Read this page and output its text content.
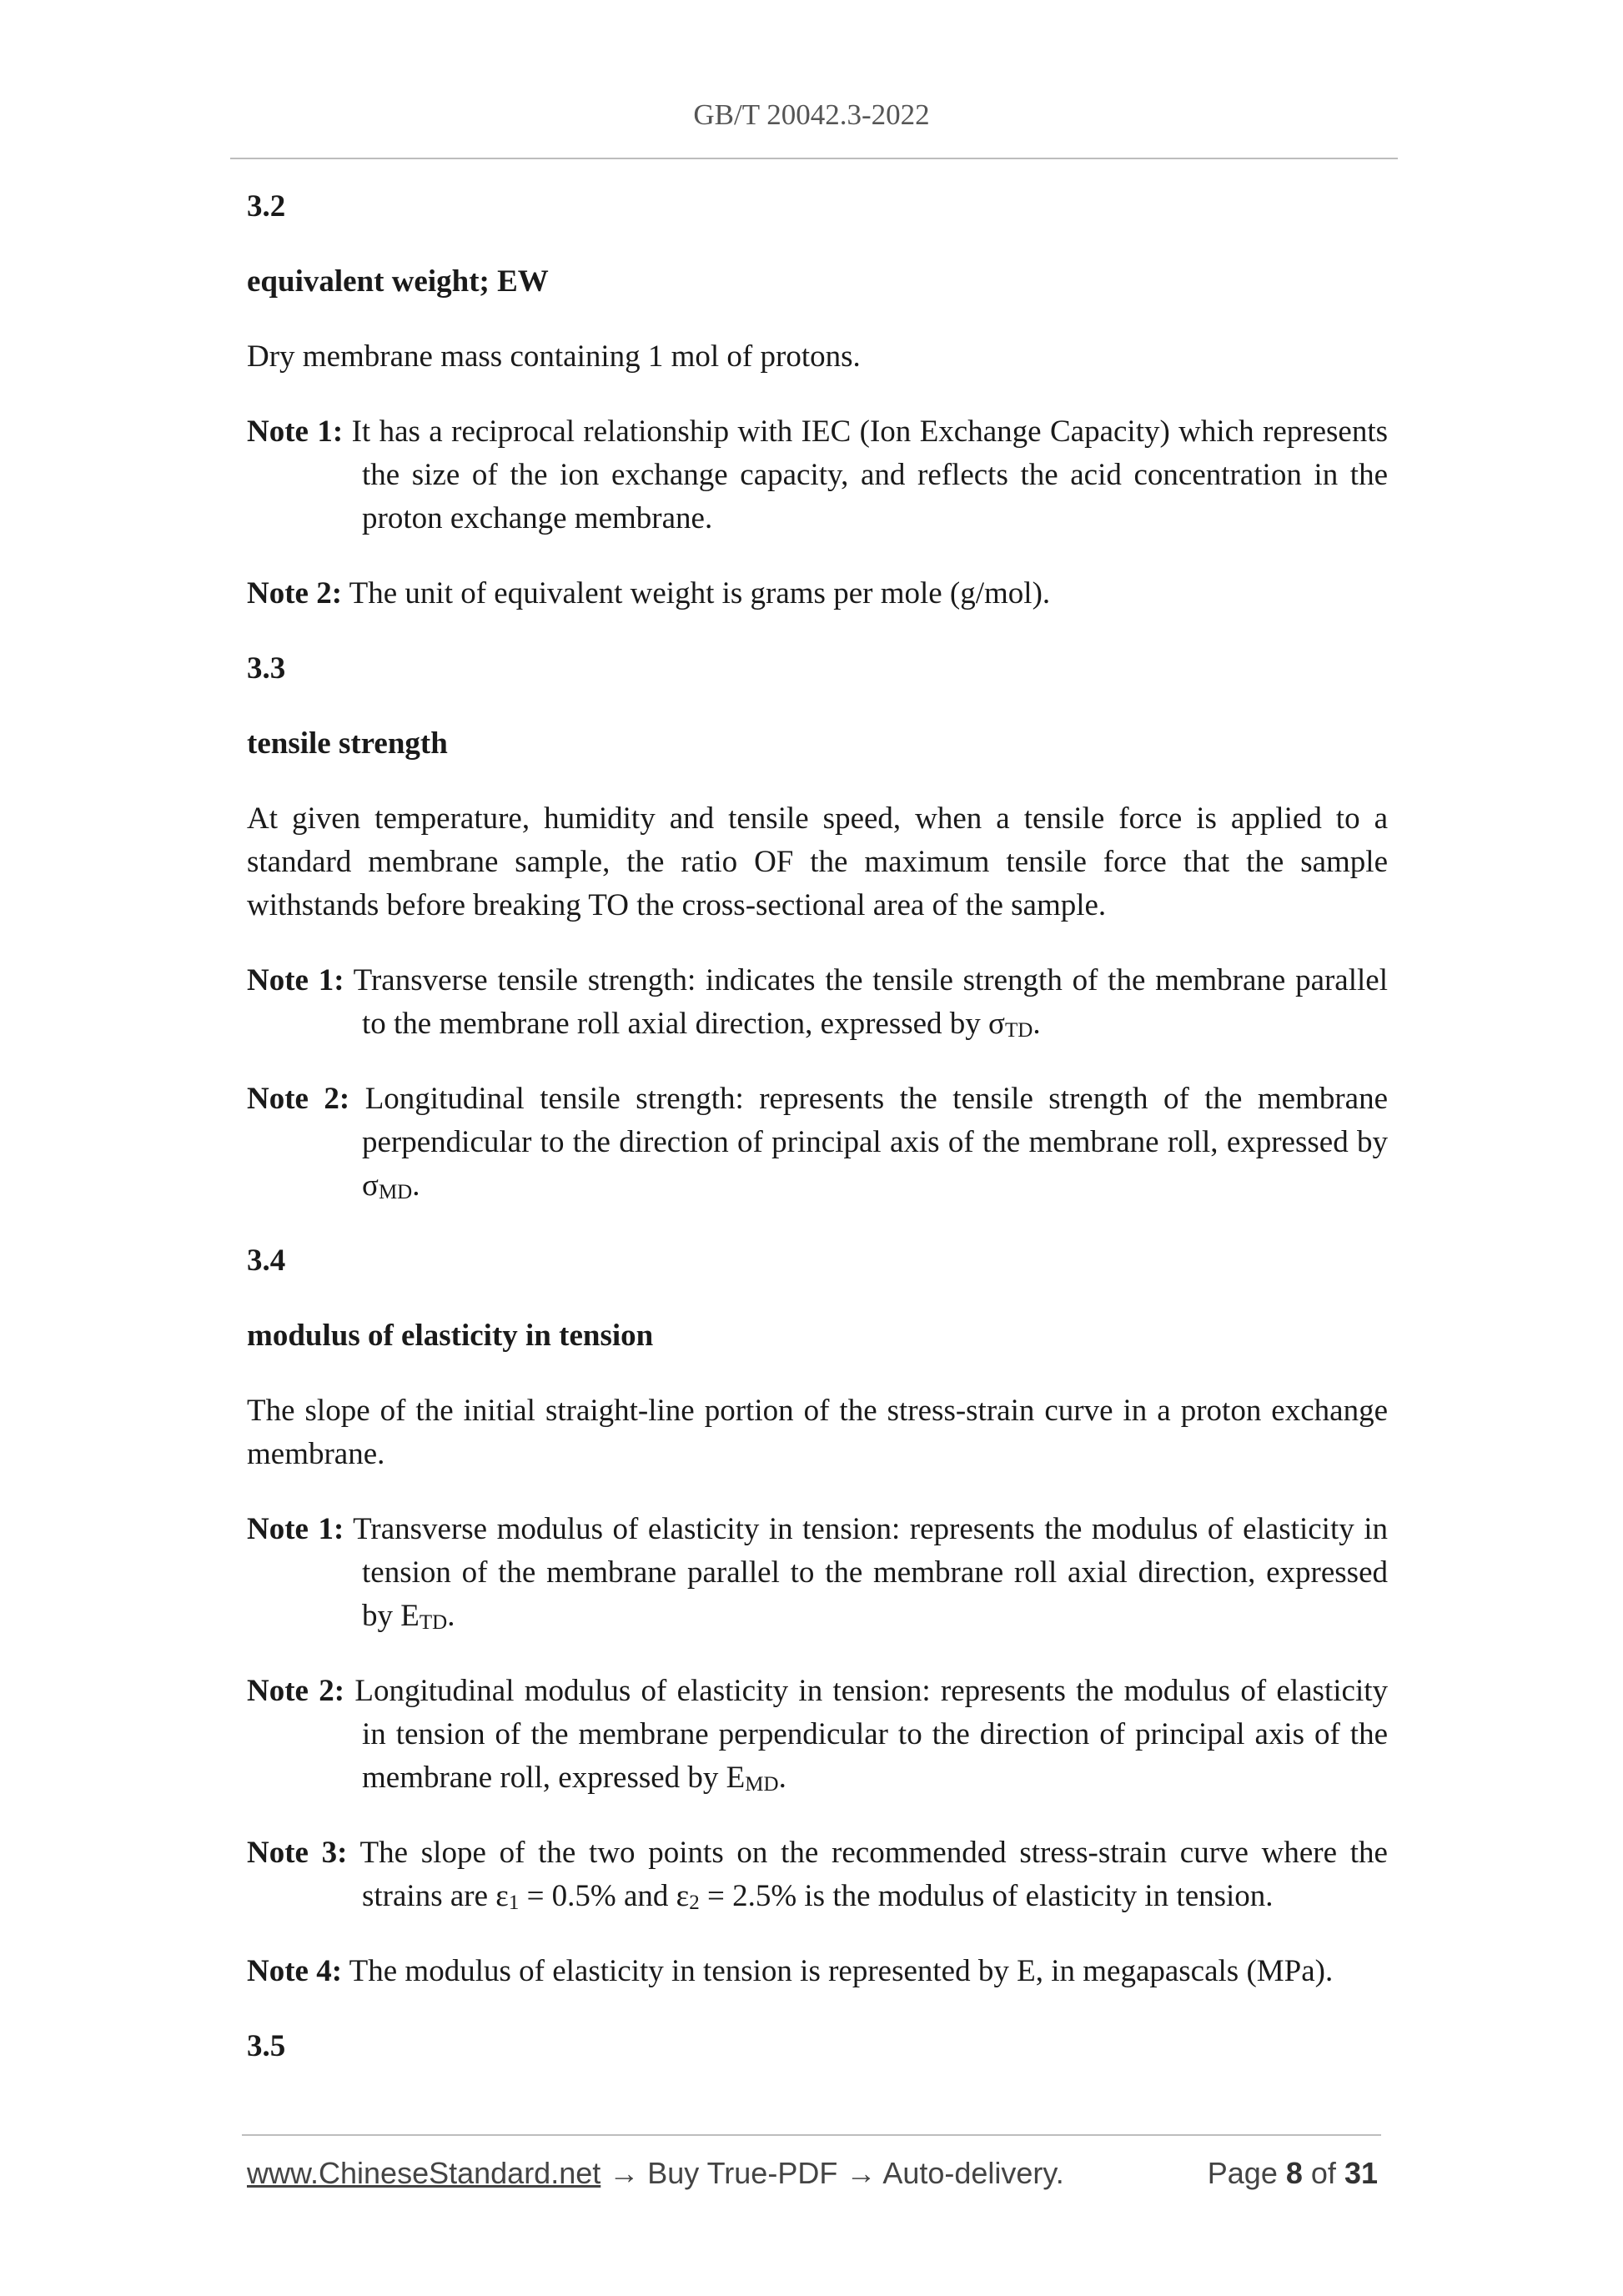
GB/T 20042.3-2022

3.2

equivalent weight; EW

Dry membrane mass containing 1 mol of protons.

Note 1: It has a reciprocal relationship with IEC (Ion Exchange Capacity) which represents the size of the ion exchange capacity, and reflects the acid concentration in the proton exchange membrane.

Note 2: The unit of equivalent weight is grams per mole (g/mol).

3.3

tensile strength

At given temperature, humidity and tensile speed, when a tensile force is applied to a standard membrane sample, the ratio OF the maximum tensile force that the sample withstands before breaking TO the cross-sectional area of the sample.

Note 1: Transverse tensile strength: indicates the tensile strength of the membrane parallel to the membrane roll axial direction, expressed by $\sigma_{TD}$.

Note 2: Longitudinal tensile strength: represents the tensile strength of the membrane perpendicular to the direction of principal axis of the membrane roll, expressed by $\sigma_{MD}$.

3.4

modulus of elasticity in tension

The slope of the initial straight-line portion of the stress-strain curve in a proton exchange membrane.

Note 1: Transverse modulus of elasticity in tension: represents the modulus of elasticity in tension of the membrane parallel to the membrane roll axial direction, expressed by $E_{TD}$.

Note 2: Longitudinal modulus of elasticity in tension: represents the modulus of elasticity in tension of the membrane perpendicular to the direction of principal axis of the membrane roll, expressed by $E_{MD}$.

Note 3: The slope of the two points on the recommended stress-strain curve where the strains are $\varepsilon_1 = 0.5\%$ and $\varepsilon_2 = 2.5\%$ is the modulus of elasticity in tension.

Note 4: The modulus of elasticity in tension is represented by E, in megapascals (MPa).

3.5

www.ChineseStandard.net → Buy True-PDF → Auto-delivery.	Page 8 of 31
